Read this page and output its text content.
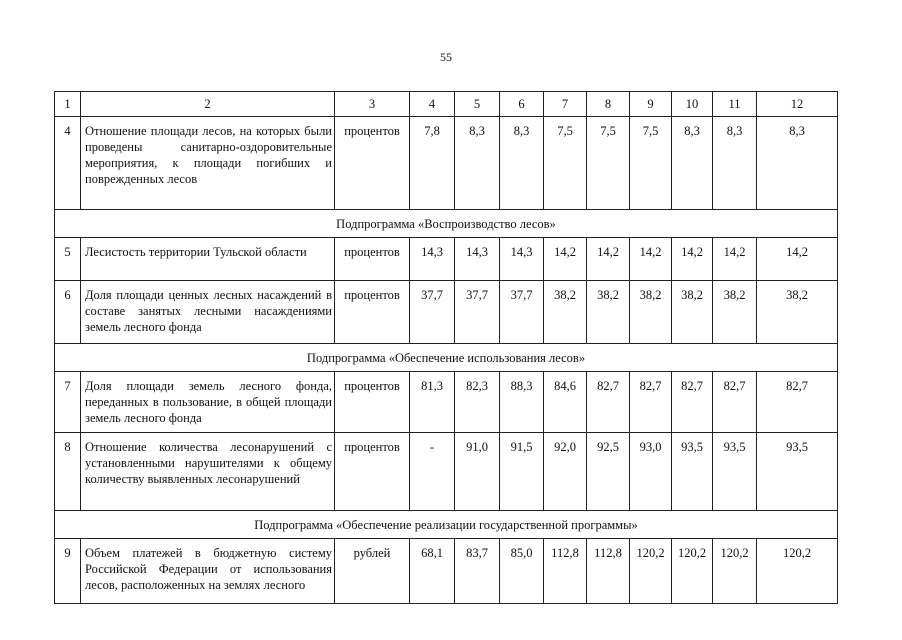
55
1	2	3	4	5	6	7	8	9	10	11	12
4	Отношение площади лесов, на которых были проведены санитарно-оздоровительные мероприятия, к площади погибших и поврежденных лесов	процентов	7,8	8,3	8,3	7,5	7,5	7,5	8,3	8,3	8,3
Подпрограмма «Воспроизводство лесов»											
5	Лесистость территории Тульской области	процентов	14,3	14,3	14,3	14,2	14,2	14,2	14,2	14,2	14,2
6	Доля площади ценных лесных насаждений в составе занятых лесными насаждениями земель лесного фонда	процентов	37,7	37,7	37,7	38,2	38,2	38,2	38,2	38,2	38,2
Подпрограмма «Обеспечение использования лесов»											
7	Доля площади земель лесного фонда, переданных в пользование, в общей площади земель лесного фонда	процентов	81,3	82,3	88,3	84,6	82,7	82,7	82,7	82,7	82,7
8	Отношение количества лесонарушений с установленными нарушителями к общему количеству выявленных лесонарушений	процентов	-	91,0	91,5	92,0	92,5	93,0	93,5	93,5	93,5
Подпрограмма «Обеспечение реализации государственной программы»											
9	Объем платежей в бюджетную систему Российской Федерации от использования лесов, расположенных на землях лесного	рублей	68,1	83,7	85,0	112,8	112,8	120,2	120,2	120,2	120,2
